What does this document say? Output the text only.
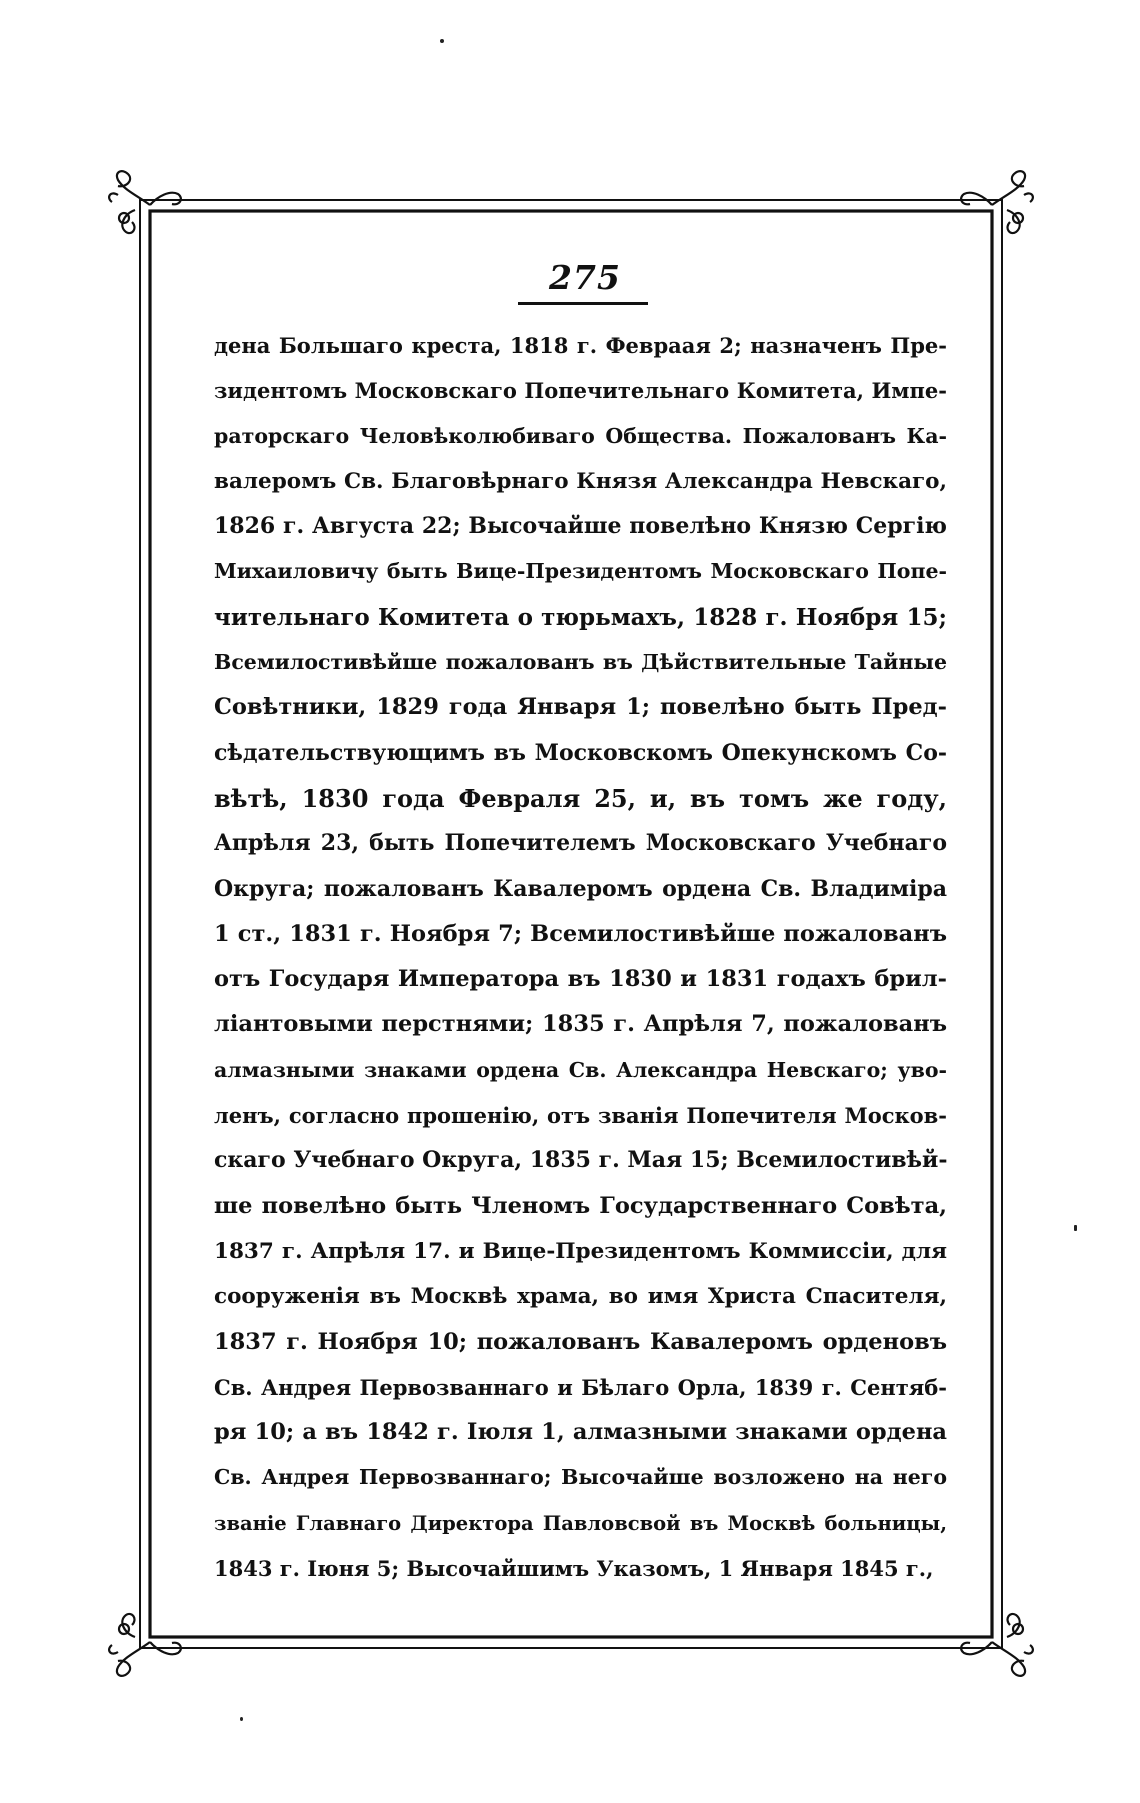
275
дена Большаго креста, 1818 г. Февраая 2; назначенъ Пре-
зидентомъ Московскаго Попечительнаго Комитета, Импе-
раторскаго Человѣколюбиваго Общества. Пожалованъ Ка-
валеромъ Св. Благовѣрнаго Князя Александра Невскаго,
1826 г. Августа 22; Высочайше повелѣно Князю Сергію
Михаиловичу быть Вице-Президентомъ Московскаго Попе-
чительнаго Комитета о тюрьмахъ, 1828 г. Ноября 15;
Всемилостивѣйше пожалованъ въ Дѣйствительные Тайные
Совѣтники, 1829 года Января 1; повелѣно быть Пред-
сѣдательствующимъ въ Московскомъ Опекунскомъ Со-
вѣтѣ, 1830 года Февраля 25, и, въ томъ же году,
Апрѣля 23, быть Попечителемъ Московскаго Учебнаго
Округа; пожалованъ Кавалеромъ ордена Св. Владиміра
1 ст., 1831 г. Ноября 7; Всемилостивѣйше пожалованъ
отъ Государя Императора въ 1830 и 1831 годахъ брил-
ліантовыми перстнями; 1835 г. Апрѣля 7, пожалованъ
алмазными знаками ордена Св. Александра Невскаго; уво-
ленъ, согласно прошенію, отъ званія Попечителя Москов-
скаго Учебнаго Округа, 1835 г. Мая 15; Всемилостивѣй-
ше повелѣно быть Членомъ Государственнаго Совѣта,
1837 г. Апрѣля 17. и Вице-Президентомъ Коммиссіи, для
сооруженія въ Москвѣ храма, во имя Христа Спасителя,
1837 г. Ноября 10; пожалованъ Кавалеромъ орденовъ
Св. Андрея Первозваннаго и Бѣлаго Орла, 1839 г. Сентяб-
ря 10; а въ 1842 г. Іюля 1, алмазными знаками ордена
Св. Андрея Первозваннаго; Высочайше возложено на него
званіе Главнаго Директора Павловсвой въ Москвѣ больницы,
1843 г. Іюня 5; Высочайшимъ Указомъ, 1 Января 1845 г.,
